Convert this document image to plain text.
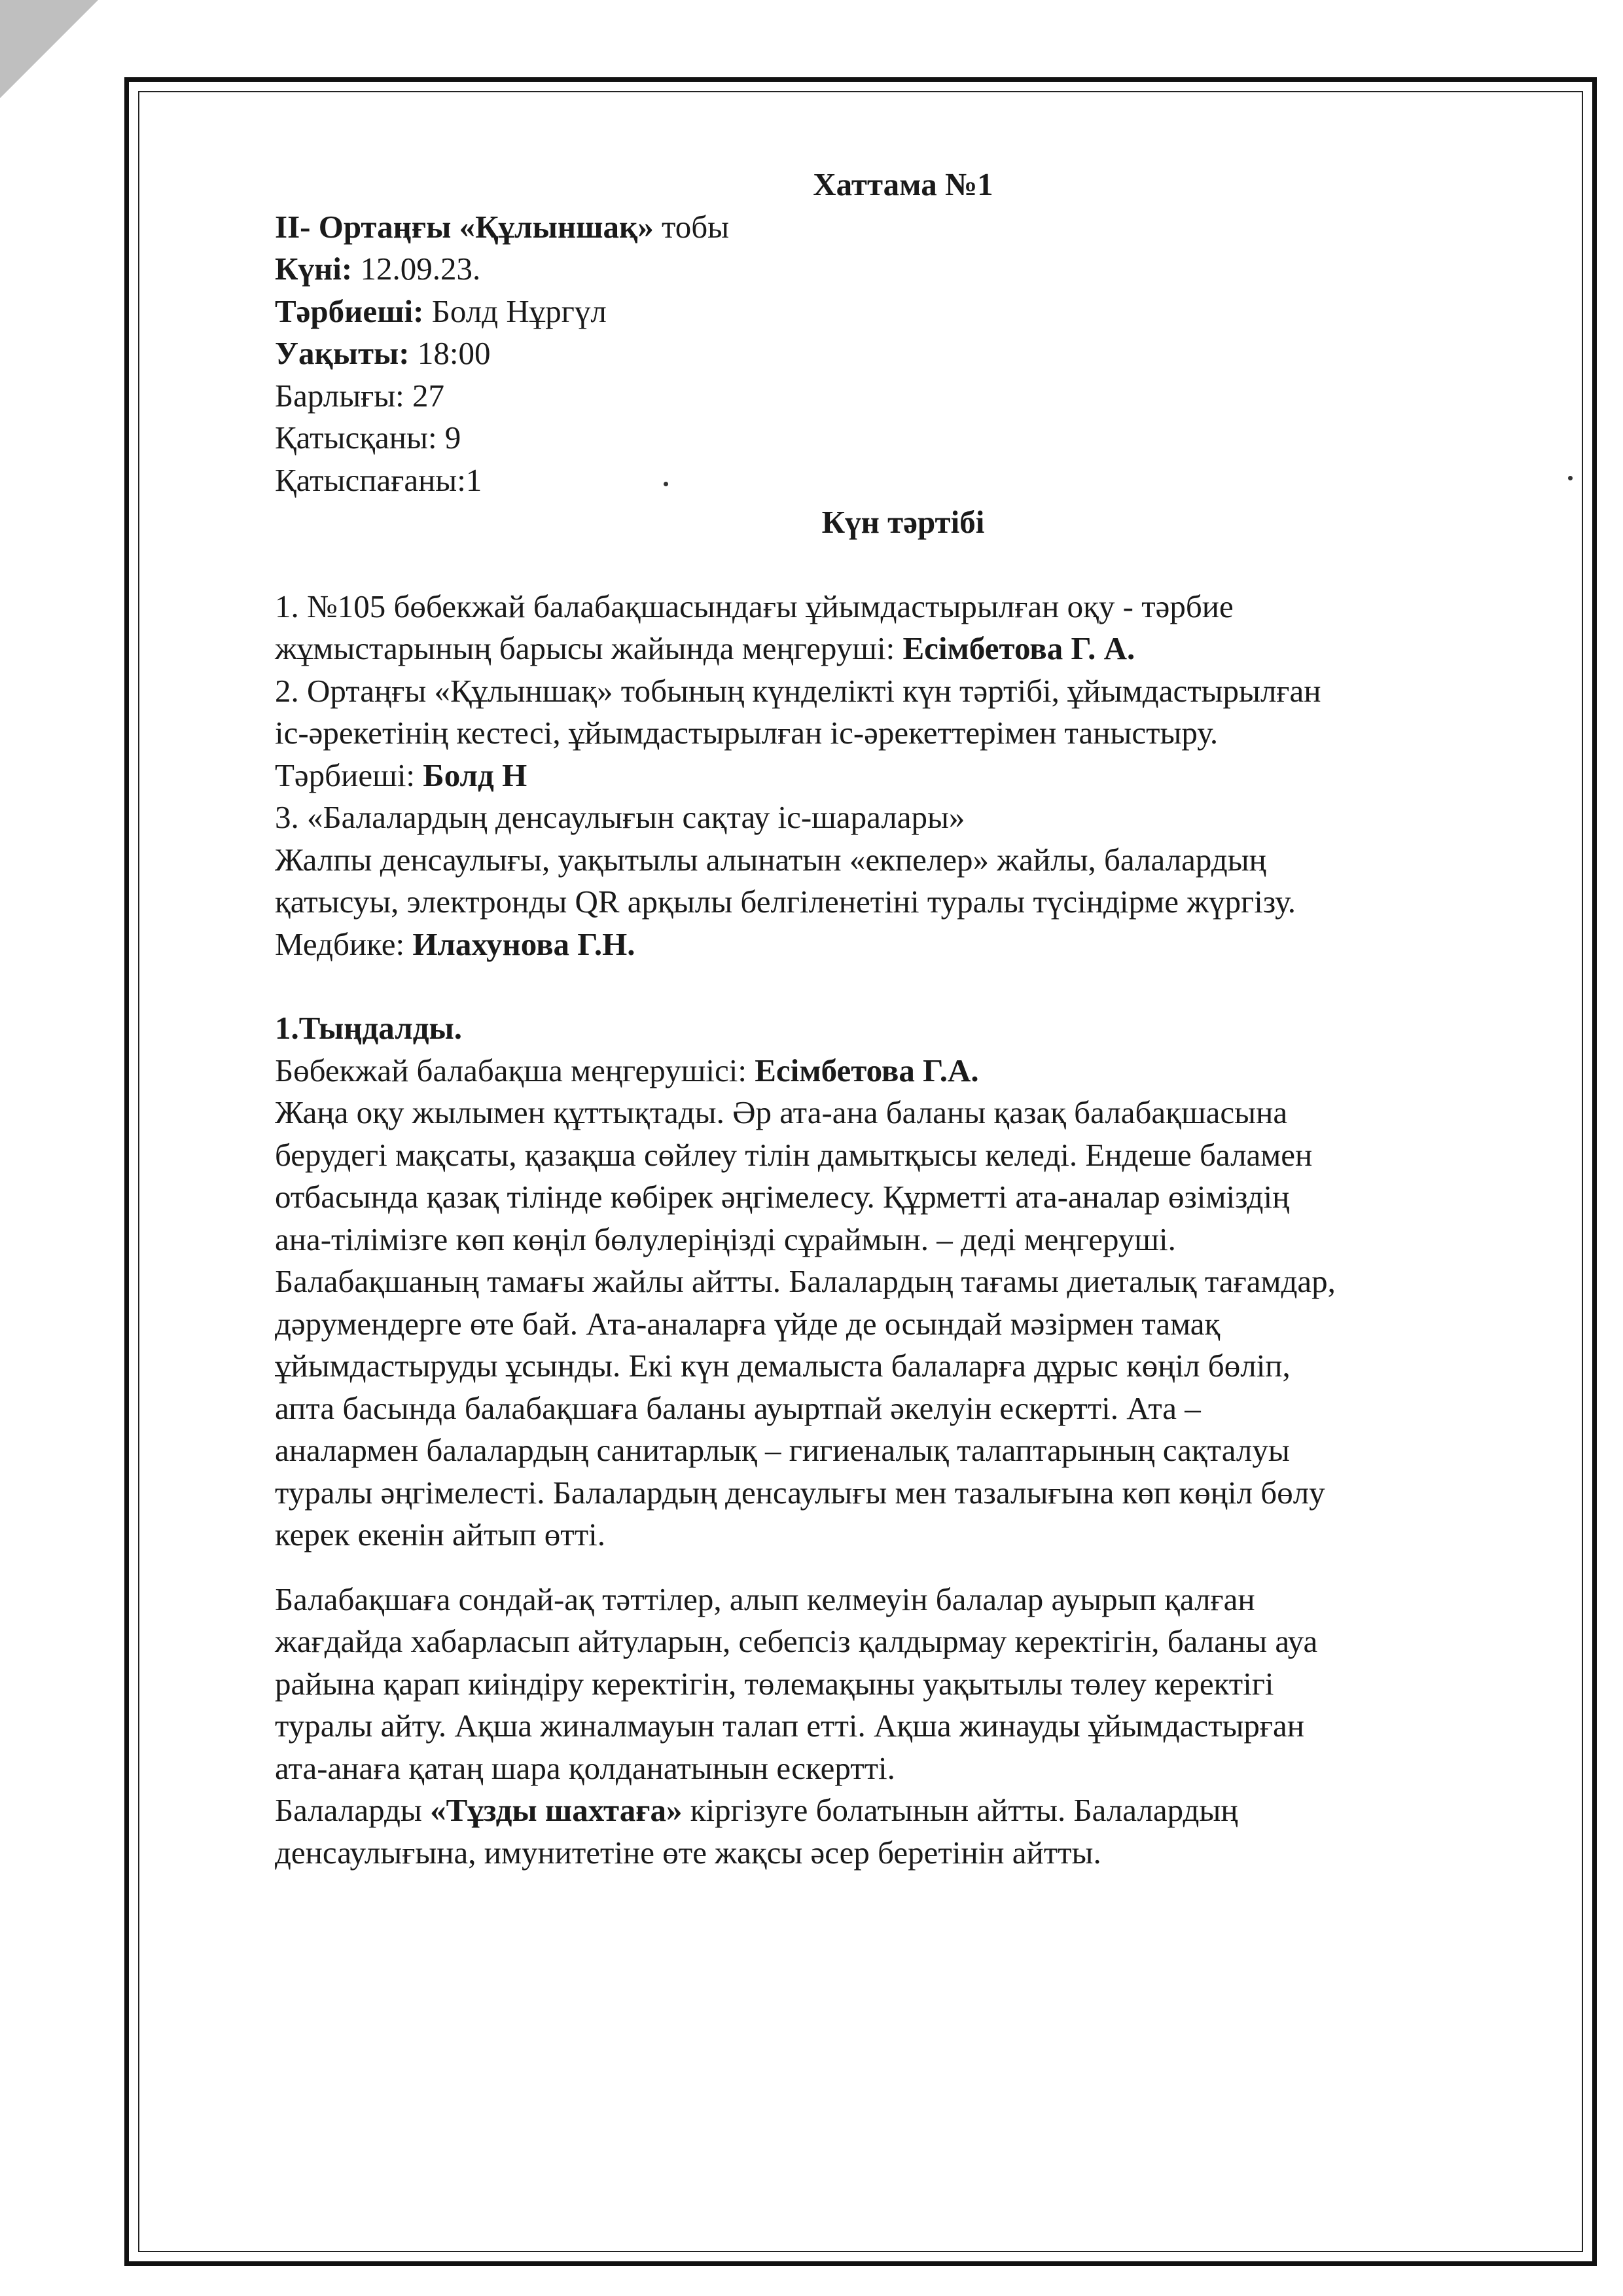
Хаттама №1
ІІ- Ортаңғы «Құлыншақ» тобы
Күні: 12.09.23.
Тәрбиеші: Болд Нұргүл
Уақыты: 18:00
Барлығы: 27
Қатысқаны: 9
Қатыспағаны:1
Күн тәртібі
1. №105 бөбекжай балабақшасындағы ұйымдастырылған оқу - тәрбие
жұмыстарының барысы жайында меңгеруші: Есімбетова Г. А.
2. Ортаңғы «Құлыншақ» тобының күнделікті күн тәртібі, ұйымдастырылған
іс-әрекетінің кестесі, ұйымдастырылған іс-әрекеттерімен таныстыру.
Тәрбиеші: Болд Н
3. «Балалардың денсаулығын сақтау іс-шаралары»
Жалпы денсаулығы, уақытылы алынатын «екпелер» жайлы, балалардың
қатысуы, электронды QR арқылы белгіленетіні туралы түсіндірме жүргізу.
Медбике: Илахунова Г.Н.
1.Тыңдалды.
Бөбекжай балабақша меңгерушісі: Есімбетова Г.А.
Жаңа оқу жылымен құттықтады. Әр ата-ана баланы қазақ балабақшасына
берудегі мақсаты, қазақша сөйлеу тілін дамытқысы келеді. Ендеше баламен
отбасында қазақ тілінде көбірек әңгімелесу. Құрметті ата-аналар өзіміздің
ана-тілімізге көп көңіл бөлулеріңізді сұраймын. – деді меңгеруші.
Балабақшаның тамағы жайлы айтты. Балалардың тағамы диеталық тағамдар,
дәрумендерге өте бай. Ата-аналарға үйде де осындай мәзірмен тамақ
ұйымдастыруды ұсынды. Екі күн демалыста балаларға дұрыс көңіл бөліп,
апта басында балабақшаға баланы ауыртпай әкелуін ескертті. Ата –
аналармен балалардың санитарлық – гигиеналық талаптарының сақталуы
туралы әңгімелесті. Балалардың денсаулығы мен тазалығына көп көңіл бөлу
керек екенін айтып өтті.
Балабақшаға сондай-ақ тәттілер, алып келмеуін балалар ауырып қалған
жағдайда хабарласып айтуларын, себепсіз қалдырмау керектігін, баланы ауа
райына қарап киіндіру керектігін, төлемақыны уақытылы төлеу керектігі
туралы айту. Ақша жиналмауын талап етті. Ақша жинауды ұйымдастырған
ата-анаға қатаң шара қолданатынын ескертті.
Балаларды «Тұзды шахтаға» кіргізуге болатынын айтты. Балалардың
денсаулығына, имунитетіне өте жақсы әсер беретінін айтты.
